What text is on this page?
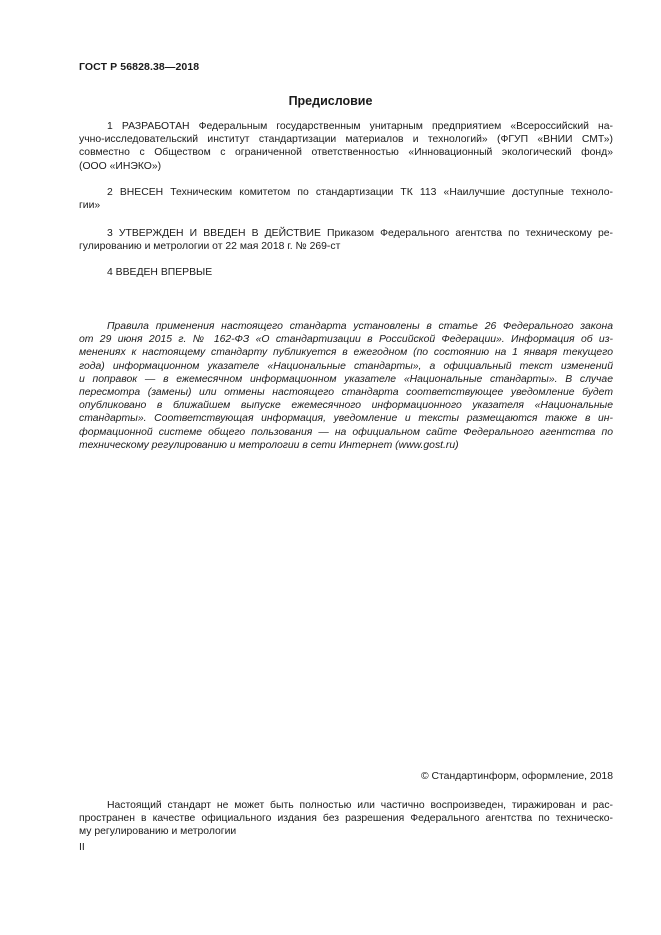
ГОСТ Р 56828.38—2018
Предисловие
1 РАЗРАБОТАН Федеральным государственным унитарным предприятием «Всероссийский на-
учно-исследовательский институт стандартизации материалов и технологий» (ФГУП «ВНИИ СМТ»)
совместно с Обществом с ограниченной ответственностью «Инновационный экологический фонд»
(ООО «ИНЭКО»)
2 ВНЕСЕН Техническим комитетом по стандартизации ТК 113 «Наилучшие доступные техноло-
гии»
3 УТВЕРЖДЕН И ВВЕДЕН В ДЕЙСТВИЕ Приказом Федерального агентства по техническому ре-
гулированию и метрологии от 22 мая 2018 г. № 269-ст
4 ВВЕДЕН ВПЕРВЫЕ
Правила применения настоящего стандарта установлены в статье 26 Федерального закона
от 29 июня 2015 г. № 162-ФЗ «О стандартизации в Российской Федерации». Информация об из-
менениях к настоящему стандарту публикуется в ежегодном (по состоянию на 1 января текущего
года) информационном указателе «Национальные стандарты», а официальный текст изменений
и поправок — в ежемесячном информационном указателе «Национальные стандарты». В случае
пересмотра (замены) или отмены настоящего стандарта соответствующее уведомление будет
опубликовано в ближайшем выпуске ежемесячного информационного указателя «Национальные
стандарты». Соответствующая информация, уведомление и тексты размещаются также в ин-
формационной системе общего пользования — на официальном сайте Федерального агентства по
техническому регулированию и метрологии в сети Интернет (www.gost.ru)
© Стандартинформ, оформление, 2018
Настоящий стандарт не может быть полностью или частично воспроизведен, тиражирован и рас-
пространен в качестве официального издания без разрешения Федерального агентства по техническо-
му регулированию и метрологии
II
